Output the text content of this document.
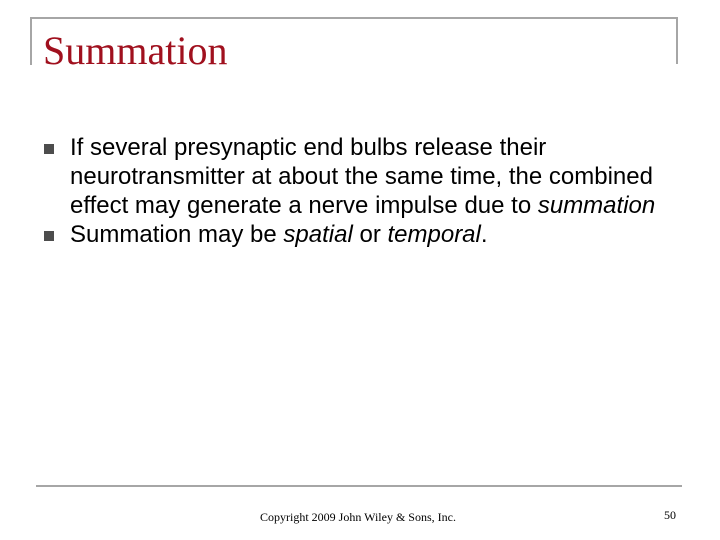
Summation
If several presynaptic end bulbs release their neurotransmitter at about the same time, the combined effect may generate a nerve impulse due to summation
Summation may be spatial or temporal.
Copyright 2009 John Wiley & Sons, Inc.	50
